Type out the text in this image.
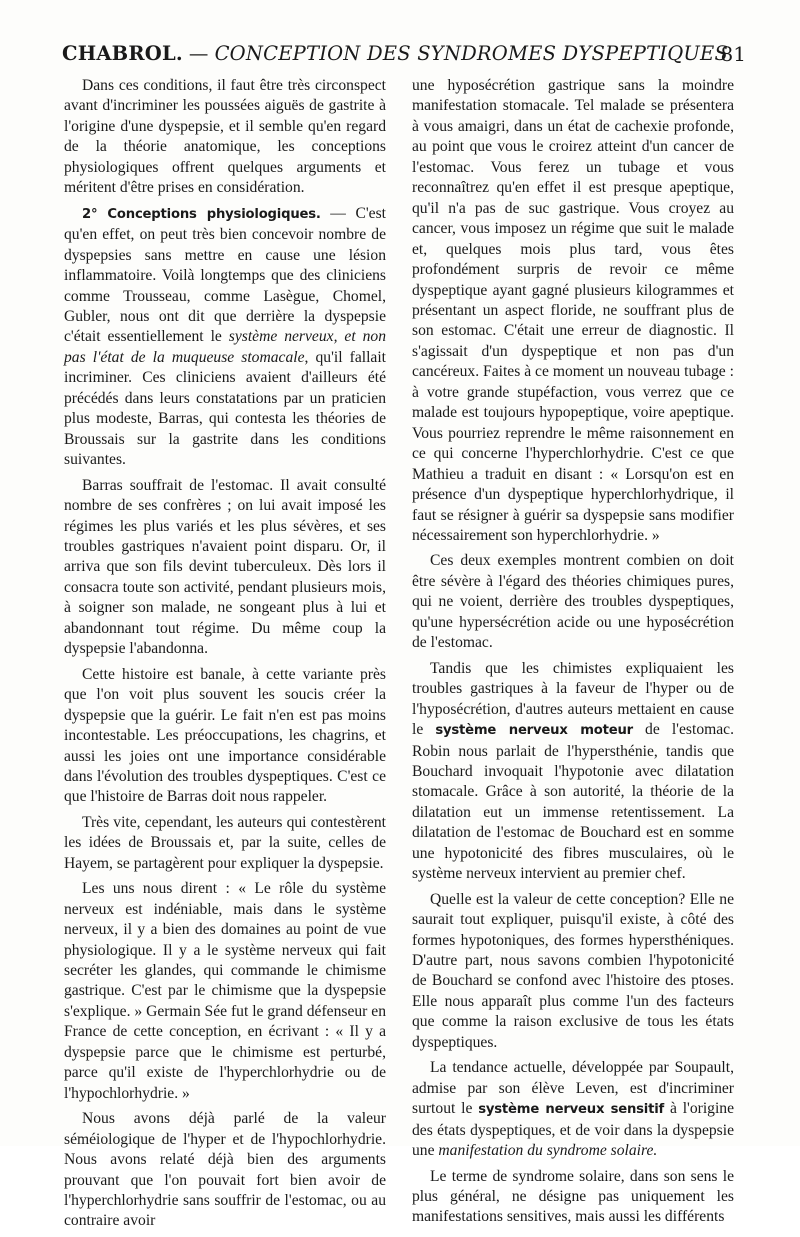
CHABROL. — CONCEPTION DES SYNDROMES DYSPEPTIQUES
81

Dans ces conditions, il faut être très circonspect avant d'incriminer les poussées aiguës de gastrite à l'origine d'une dyspepsie, et il semble qu'en regard de la théorie anatomique, les conceptions physiologiques offrent quelques arguments et méritent d'être prises en considération.

2° Conceptions physiologiques. — C'est qu'en effet, on peut très bien concevoir nombre de dyspepsies sans mettre en cause une lésion inflammatoire. Voilà longtemps que des cliniciens comme Trousseau, comme Lasègue, Chomel, Gubler, nous ont dit que derrière la dyspepsie c'était essentiellement le système nerveux, et non pas l'état de la muqueuse stomacale, qu'il fallait incriminer. Ces cliniciens avaient d'ailleurs été précédés dans leurs constatations par un praticien plus modeste, Barras, qui contesta les théories de Broussais sur la gastrite dans les conditions suivantes.

Barras souffrait de l'estomac. Il avait consulté nombre de ses confrères ; on lui avait imposé les régimes les plus variés et les plus sévères, et ses troubles gastriques n'avaient point disparu. Or, il arriva que son fils devint tuberculeux. Dès lors il consacra toute son activité, pendant plusieurs mois, à soigner son malade, ne songeant plus à lui et abandonnant tout régime. Du même coup la dyspepsie l'abandonna.

Cette histoire est banale, à cette variante près que l'on voit plus souvent les soucis créer la dyspepsie que la guérir. Le fait n'en est pas moins incontestable. Les préoccupations, les chagrins, et aussi les joies ont une importance considérable dans l'évolution des troubles dyspeptiques. C'est ce que l'histoire de Barras doit nous rappeler.

Très vite, cependant, les auteurs qui contestèrent les idées de Broussais et, par la suite, celles de Hayem, se partagèrent pour expliquer la dyspepsie.

Les uns nous dirent : « Le rôle du système nerveux est indéniable, mais dans le système nerveux, il y a bien des domaines au point de vue physiologique. Il y a le système nerveux qui fait secréter les glandes, qui commande le chimisme gastrique. C'est par le chimisme que la dyspepsie s'explique. » Germain Sée fut le grand défenseur en France de cette conception, en écrivant : « Il y a dyspepsie parce que le chimisme est perturbé, parce qu'il existe de l'hyperchlorhydrie ou de l'hypochlorhydrie. »

Nous avons déjà parlé de la valeur séméiologique de l'hyper et de l'hypochlorhydrie. Nous avons relaté déjà bien des arguments prouvant que l'on pouvait fort bien avoir de l'hyperchlorhydrie sans souffrir de l'estomac, ou au contraire avoir

une hyposécrétion gastrique sans la moindre manifestation stomacale. Tel malade se présentera à vous amaigri, dans un état de cachexie profonde, au point que vous le croirez atteint d'un cancer de l'estomac. Vous ferez un tubage et vous reconnaîtrez qu'en effet il est presque apeptique, qu'il n'a pas de suc gastrique. Vous croyez au cancer, vous imposez un régime que suit le malade et, quelques mois plus tard, vous êtes profondément surpris de revoir ce même dyspeptique ayant gagné plusieurs kilogrammes et présentant un aspect floride, ne souffrant plus de son estomac. C'était une erreur de diagnostic. Il s'agissait d'un dyspeptique et non pas d'un cancéreux. Faites à ce moment un nouveau tubage : à votre grande stupéfaction, vous verrez que ce malade est toujours hypopeptique, voire apeptique. Vous pourriez reprendre le même raisonnement en ce qui concerne l'hyperchlorhydrie. C'est ce que Mathieu a traduit en disant : « Lorsqu'on est en présence d'un dyspeptique hyperchlorhydrique, il faut se résigner à guérir sa dyspepsie sans modifier nécessairement son hyperchlorhydrie. »

Ces deux exemples montrent combien on doit être sévère à l'égard des théories chimiques pures, qui ne voient, derrière des troubles dyspeptiques, qu'une hypersécrétion acide ou une hyposécrétion de l'estomac.

Tandis que les chimistes expliquaient les troubles gastriques à la faveur de l'hyper ou de l'hyposécrétion, d'autres auteurs mettaient en cause le système nerveux moteur de l'estomac. Robin nous parlait de l'hypersthénie, tandis que Bouchard invoquait l'hypotonie avec dilatation stomacale. Grâce à son autorité, la théorie de la dilatation eut un immense retentissement. La dilatation de l'estomac de Bouchard est en somme une hypotonicité des fibres musculaires, où le système nerveux intervient au premier chef.

Quelle est la valeur de cette conception? Elle ne saurait tout expliquer, puisqu'il existe, à côté des formes hypotoniques, des formes hypersthéniques. D'autre part, nous savons combien l'hypotonicité de Bouchard se confond avec l'histoire des ptoses. Elle nous apparaît plus comme l'un des facteurs que comme la raison exclusive de tous les états dyspeptiques.

La tendance actuelle, développée par Soupault, admise par son élève Leven, est d'incriminer surtout le système nerveux sensitif à l'origine des états dyspeptiques, et de voir dans la dyspepsie une manifestation du syndrome solaire.

Le terme de syndrome solaire, dans son sens le plus général, ne désigne pas uniquement les manifestations sensitives, mais aussi les différents
